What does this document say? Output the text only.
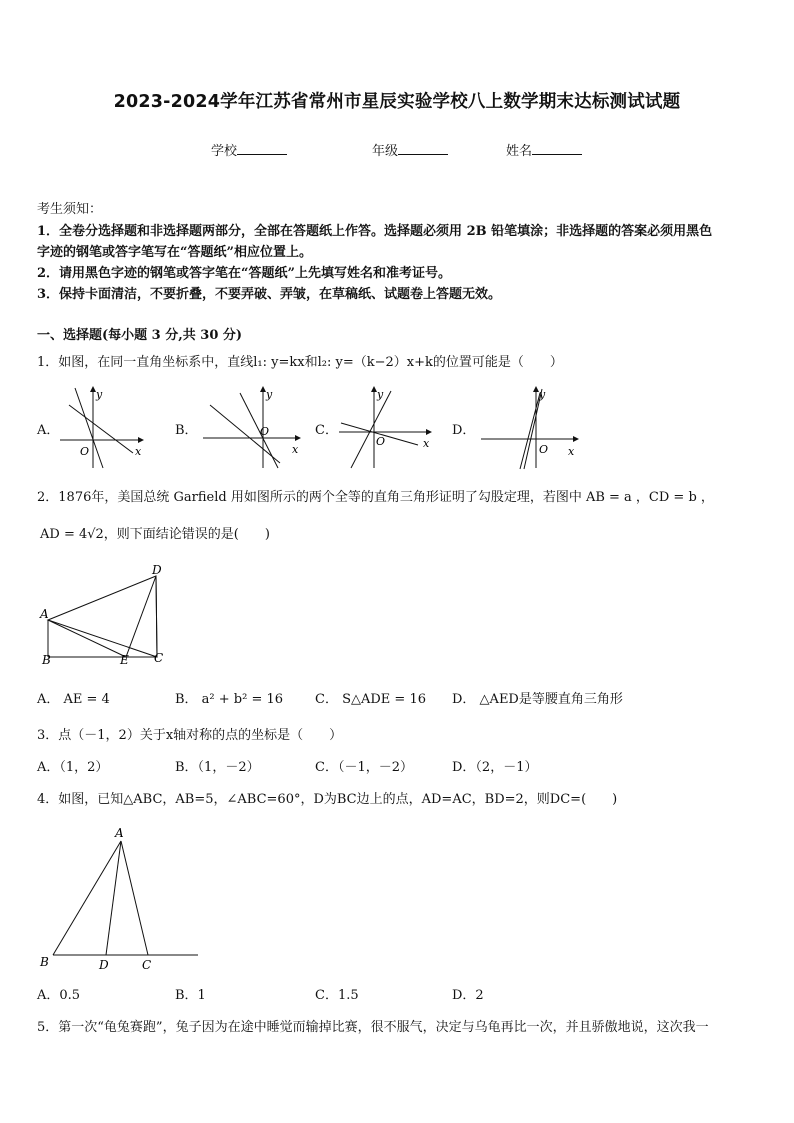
2023-2024学年江苏省常州市星辰实验学校八上数学期末达标测试试题
学校	年级	姓名
考生须知：
1．全卷分选择题和非选择题两部分，全部在答题纸上作答。选择题必须用 2B 铅笔填涂；非选择题的答案必须用黑色
字迹的钢笔或答字笔写在“答题纸”相应位置上。
2．请用黑色字迹的钢笔或答字笔在“答题纸”上先填写姓名和准考证号。
3．保持卡面清洁，不要折叠，不要弄破、弄皱，在草稿纸、试题卷上答题无效。
一、选择题(每小题 3 分,共 30 分)
1．如图，在同一直角坐标系中，直线l₁: y=kx和l₂: y=（k−2）x+k的位置可能是（　　）
A．	B．	C．	D．
y
x
O
y
x
O
y
x
O
y
x
O
2．1876年，美国总统 Garfield 用如图所示的两个全等的直角三角形证明了勾股定理，若图中 AB = a ，CD = b ，
AD = 4√2，则下面结论错误的是(　　)
D
A
B	E C
A． AE = 4	B． a² + b² = 16 C． S△ADE = 16 D． △AED是等腰直角三角形
3．点（－1，2）关于x轴对称的点的坐标是（　　）
A．（1，2）	B．（1，－2）	C．（－1，－2）	D．（2，－1）
4．如图，已知△ABC，AB=5，∠ABC=60°，D为BC边上的点，AD=AC，BD=2，则DC=(　　)
A
B	D	C
A．0.5	B．1	C．1.5	D．2
5．第一次“龟兔赛跑”，兔子因为在途中睡觉而输掉比赛，很不服气，决定与乌龟再比一次，并且骄傲地说，这次我一
